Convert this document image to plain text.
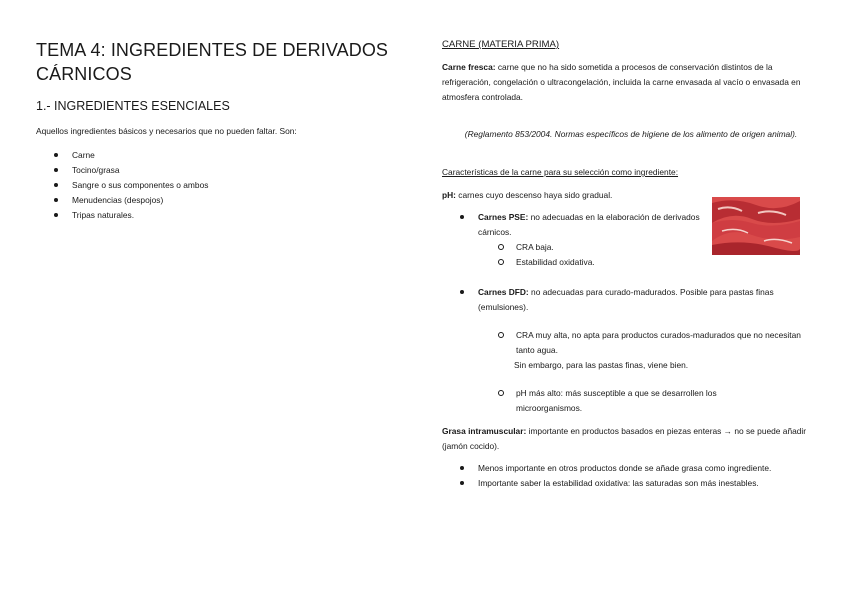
TEMA 4: INGREDIENTES DE DERIVADOS CÁRNICOS
1.- INGREDIENTES ESENCIALES

Aquellos ingredientes básicos y necesarios que no pueden faltar. Son:

Carne
Tocino/grasa
Sangre o sus componentes o ambos
Menudencias (despojos)
Tripas naturales.

CARNE (MATERIA PRIMA)

Carne fresca: carne que no ha sido sometida a procesos de conservación distintos de la refrigeración, congelación o ultracongelación, incluida la carne envasada al vacío o envasada en atmosfera controlada.

(Reglamento 853/2004. Normas específicos de higiene de los alimento de origen animal).

Características de la carne para su selección como ingrediente:

pH: carnes cuyo descenso haya sido gradual.

Carnes PSE: no adecuadas en la elaboración de derivados cárnicos.
CRA baja.
Estabilidad oxidativa.
Carnes DFD: no adecuadas para curado-madurados. Posible para pastas finas (emulsiones).
CRA muy alta, no apta para productos curados-madurados que no necesitan tanto agua.

Sin embargo, para las pastas finas, viene bien.

pH más alto: más susceptible a que se desarrollen los microorganismos.

Grasa intramuscular: importante en productos basados en piezas enteras → no se puede añadir (jamón cocido).

Menos importante en otros productos donde se añade grasa como ingrediente.
Importante saber la estabilidad oxidativa: las saturadas son más inestables.
